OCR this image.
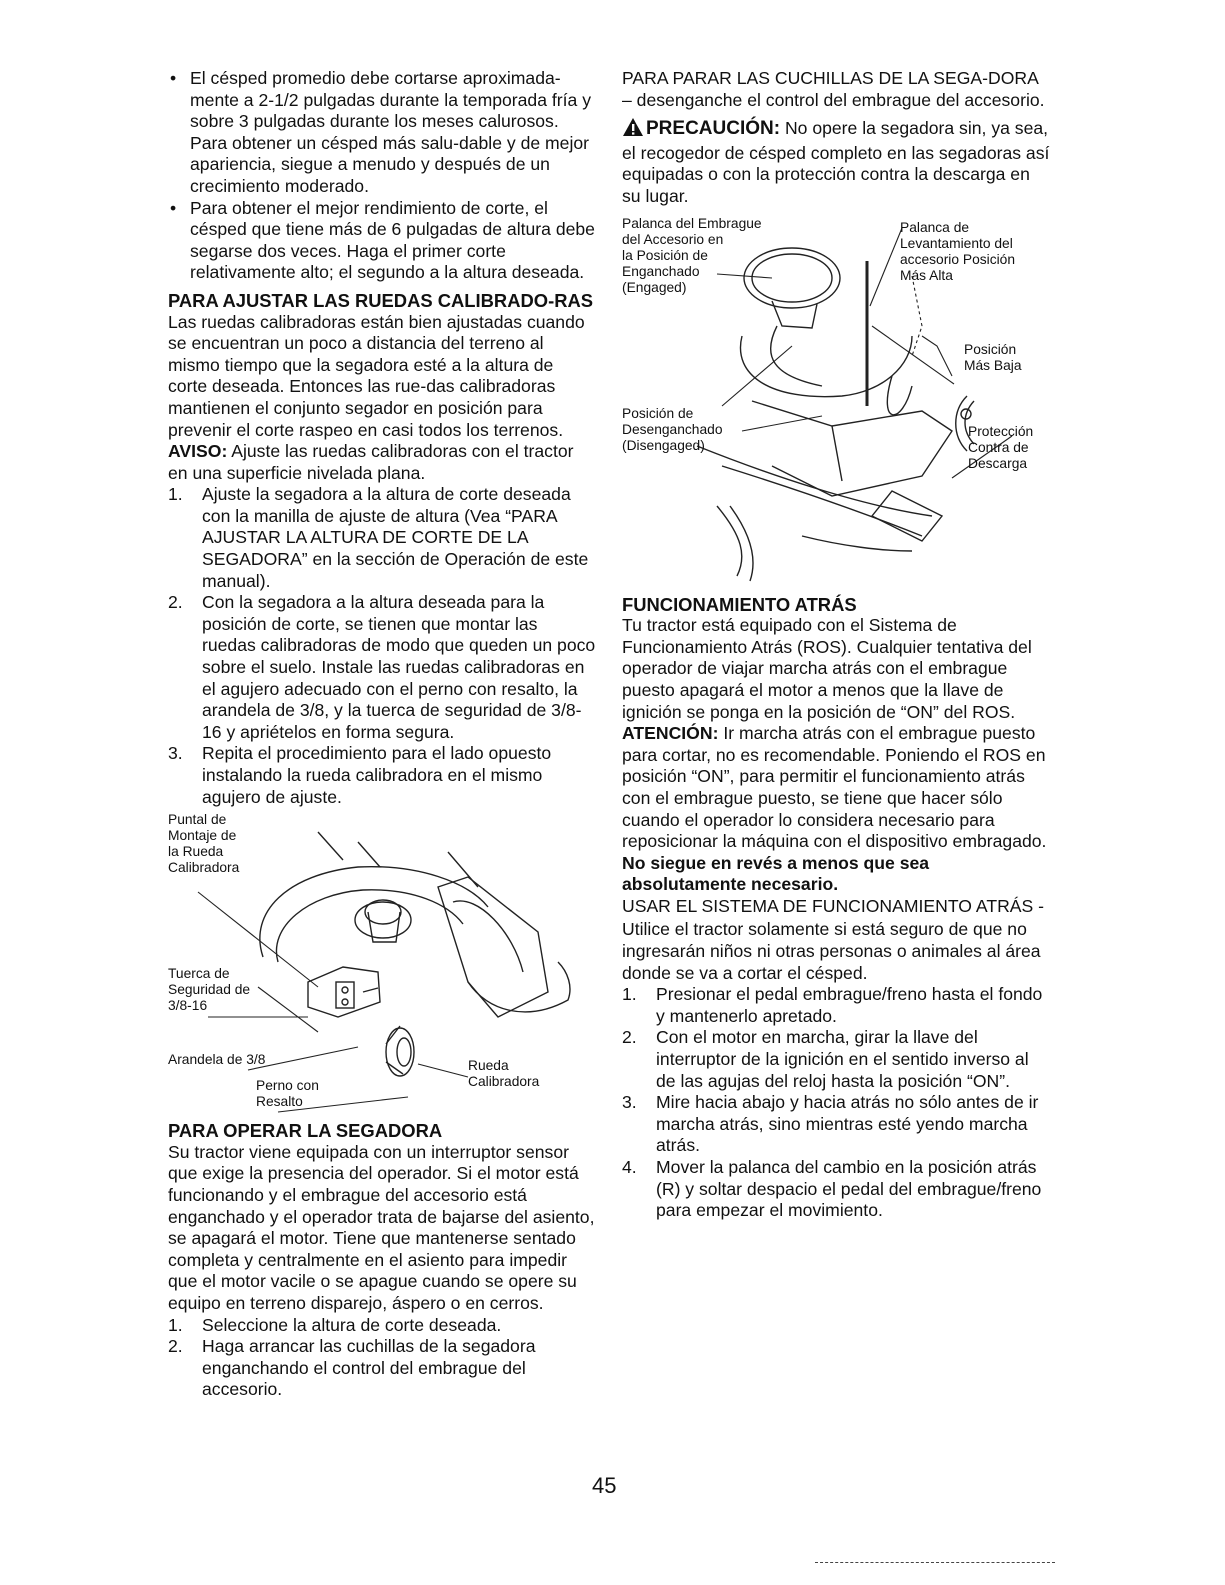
• El césped promedio debe cortarse aproximada-mente a 2-1/2 pulgadas durante la temporada fría y sobre 3 pulgadas durante los meses calurosos. Para obtener un césped más salu-dable y de mejor apariencia, siegue a menudo y después de un crecimiento moderado.
• Para obtener el mejor rendimiento de corte, el césped que tiene más de 6 pulgadas de altura debe segarse dos veces. Haga el primer corte relativamente alto; el segundo a la altura deseada.
PARA AJUSTAR LAS RUEDAS CALIBRADO-RAS

Las ruedas calibradoras están bien ajustadas cuando se encuentran un poco a distancia del terreno al mismo tiempo que la segadora esté a la altura de corte deseada. Entonces las rue-das calibradoras mantienen el conjunto segador en posición para prevenir el corte raspeo en casi todos los terrenos.

AVISO: Ajuste las ruedas calibradoras con el tractor en una superficie nivelada plana.

1. Ajuste la segadora a la altura de corte deseada con la manilla de ajuste de altura (Vea “PARA AJUSTAR LA ALTURA DE CORTE DE LA SEGADORA” en la sección de Operación de este manual).
2. Con la segadora a la altura deseada para la posición de corte, se tienen que montar las ruedas calibradoras de modo que queden un poco sobre el suelo. Instale las ruedas calibradoras en el agujero adecuado con el perno con resalto, la arandela de 3/8, y la tuerca de seguridad de 3/8-16 y apriételos en forma segura.
3. Repita el procedimiento para el lado opuesto instalando la rueda calibradora en el mismo agujero de ajuste.
Puntal de
Montaje de
la Rueda
Calibradora
Tuerca de
Seguridad de
3/8-16
Arandela de 3/8
Perno con
Resalto
Rueda
Calibradora
PARA OPERAR LA SEGADORA

Su tractor viene equipada con un interruptor sensor que exige la presencia del operador. Si el motor está funcionando y el embrague del accesorio está enganchado y el operador trata de bajarse del asiento, se apagará el motor. Tiene que mantenerse sentado completa y centralmente en el asiento para impedir que el motor vacile o se apague cuando se opere su equipo en terreno disparejo, áspero o en cerros.

1. Seleccione la altura de corte deseada.
2. Haga arrancar las cuchillas de la segadora enganchando el control del embrague del accesorio.

PARA PARAR LAS CUCHILLAS DE LA SEGA-DORA – desenganche el control del embrague del accesorio.

PRECAUCIÓN: No opere la segadora sin, ya sea, el recogedor de césped completo en las segadoras así equipadas o con la protección contra la descarga en su lugar.

Palanca del Embrague
del Accesorio en
la Posición de
Enganchado
(Engaged)
Palanca de
Levantamiento del
accesorio Posición
Más Alta
Posición
Más Baja
Posición de
Desenganchado
(Disengaged)
Protección
Contra de
Descarga
FUNCIONAMIENTO ATRÁS

Tu tractor está equipado con el Sistema de Funcionamiento Atrás (ROS). Cualquier tentativa del operador de viajar marcha atrás con el embrague puesto apagará el motor a menos que la llave de ignición se ponga en la posición de “ON” del ROS.

ATENCIÓN: Ir marcha atrás con el embrague puesto para cortar, no es recomendable. Poniendo el ROS en posición “ON”, para permitir el funcionamiento atrás con el embrague puesto, se tiene que hacer sólo cuando el operador lo considera necesario para reposicionar la máquina con el dispositivo embragado. No siegue en revés a menos que sea absolutamente necesario.

USAR EL SISTEMA DE FUNCIONAMIENTO ATRÁS -

Utilice el tractor solamente si está seguro de que no ingresarán niños ni otras personas o animales al área donde se va a cortar el césped.

1. Presionar el pedal embrague/freno hasta el fondo y mantenerlo apretado.
2. Con el motor en marcha, girar la llave del interruptor de la ignición en el sentido inverso al de las agujas del reloj hasta la posición “ON”.
3. Mire hacia abajo y hacia atrás no sólo antes de ir marcha atrás, sino mientras esté yendo marcha atrás.
4. Mover la palanca del cambio en la posición atrás (R) y soltar despacio el pedal del embrague/freno para empezar el movimiento.
45
